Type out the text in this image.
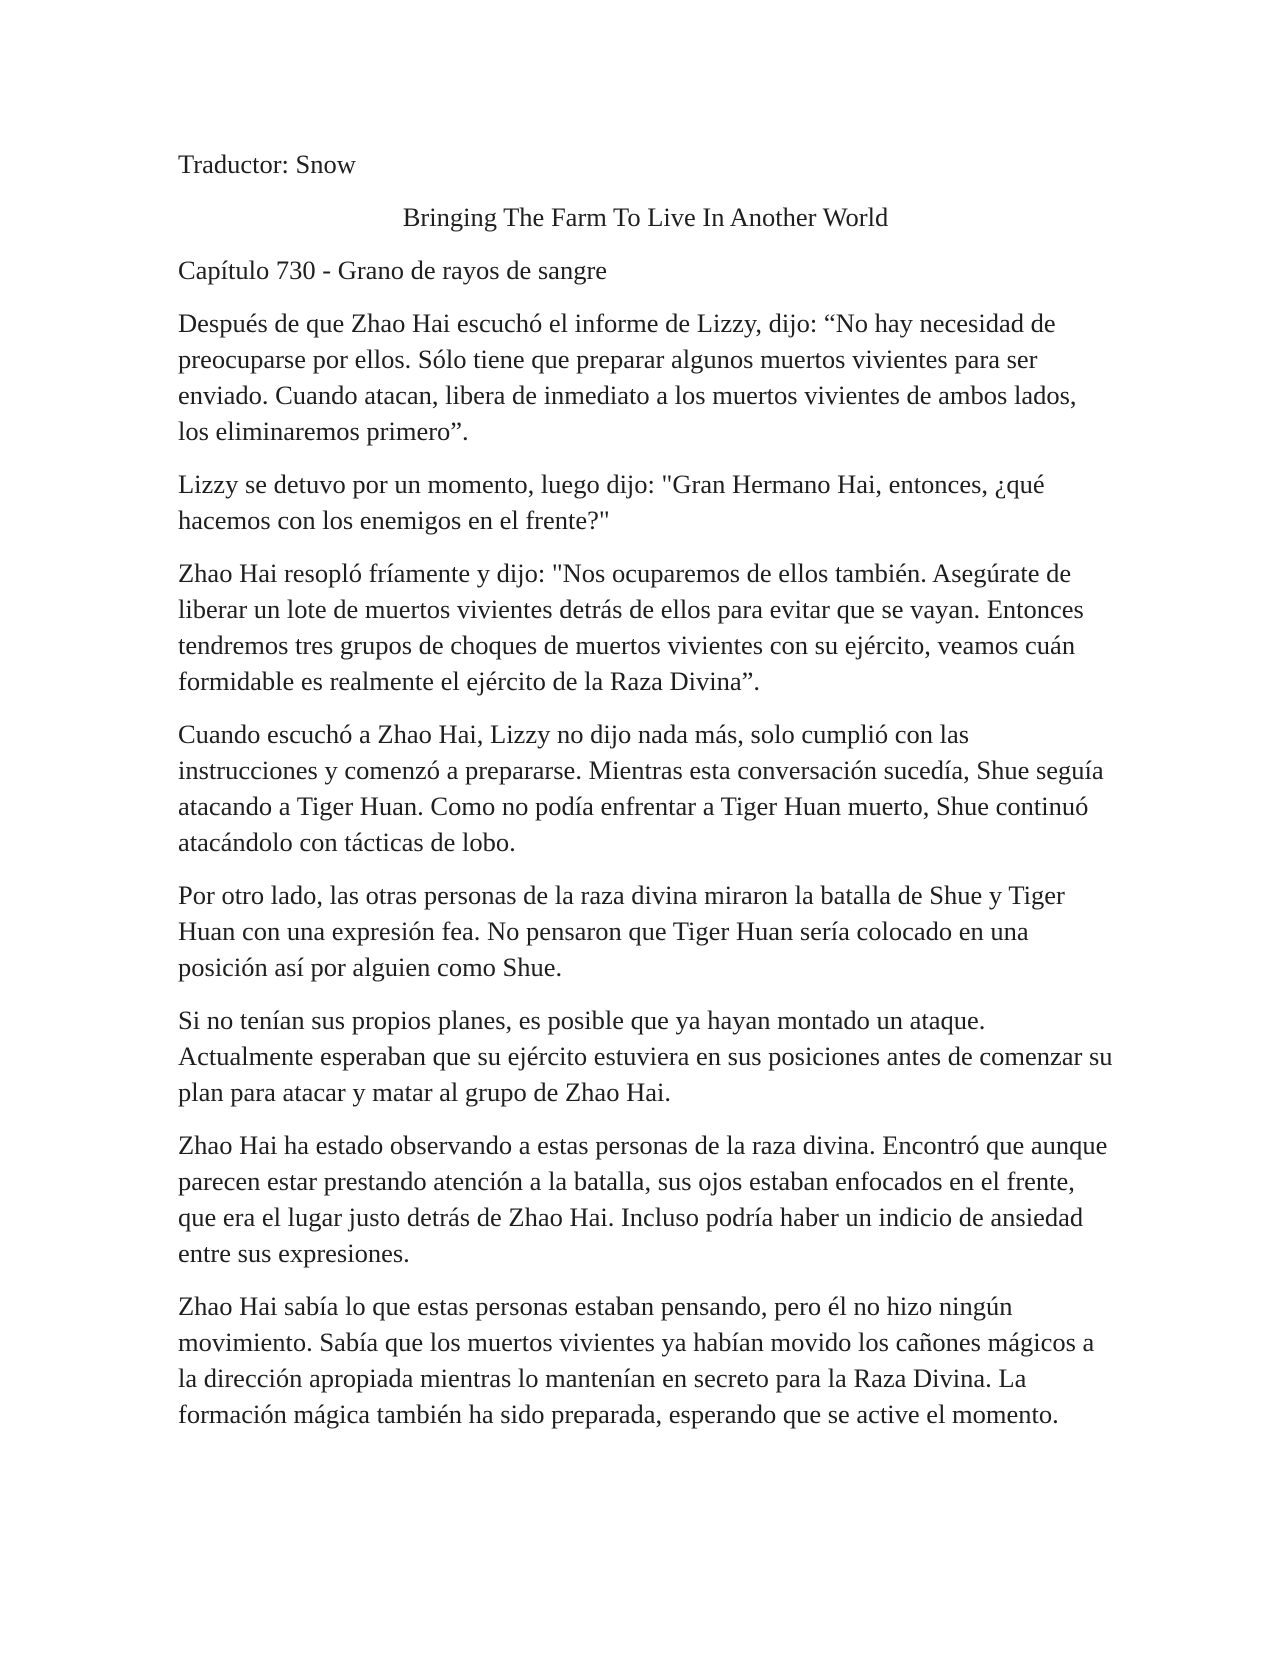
Traductor: Snow

Bringing The Farm To Live In Another World

Capítulo 730 - Grano de rayos de sangre

Después de que Zhao Hai escuchó el informe de Lizzy, dijo: “No hay necesidad de preocuparse por ellos. Sólo tiene que preparar algunos muertos vivientes para ser enviado. Cuando atacan, libera de inmediato a los muertos vivientes de ambos lados, los eliminaremos primero”.

Lizzy se detuvo por un momento, luego dijo: "Gran Hermano Hai, entonces, ¿qué hacemos con los enemigos en el frente?"

Zhao Hai resopló fríamente y dijo: "Nos ocuparemos de ellos también. Asegúrate de liberar un lote de muertos vivientes detrás de ellos para evitar que se vayan. Entonces tendremos tres grupos de choques de muertos vivientes con su ejército, veamos cuán formidable es realmente el ejército de la Raza Divina”.

Cuando escuchó a Zhao Hai, Lizzy no dijo nada más, solo cumplió con las instrucciones y comenzó a prepararse. Mientras esta conversación sucedía, Shue seguía atacando a Tiger Huan. Como no podía enfrentar a Tiger Huan muerto, Shue continuó atacándolo con tácticas de lobo.

Por otro lado, las otras personas de la raza divina miraron la batalla de Shue y Tiger Huan con una expresión fea. No pensaron que Tiger Huan sería colocado en una posición así por alguien como Shue.

Si no tenían sus propios planes, es posible que ya hayan montado un ataque. Actualmente esperaban que su ejército estuviera en sus posiciones antes de comenzar su plan para atacar y matar al grupo de Zhao Hai.

Zhao Hai ha estado observando a estas personas de la raza divina. Encontró que aunque parecen estar prestando atención a la batalla, sus ojos estaban enfocados en el frente, que era el lugar justo detrás de Zhao Hai. Incluso podría haber un indicio de ansiedad entre sus expresiones.

Zhao Hai sabía lo que estas personas estaban pensando, pero él no hizo ningún movimiento. Sabía que los muertos vivientes ya habían movido los cañones mágicos a la dirección apropiada mientras lo mantenían en secreto para la Raza Divina. La formación mágica también ha sido preparada, esperando que se active el momento.
